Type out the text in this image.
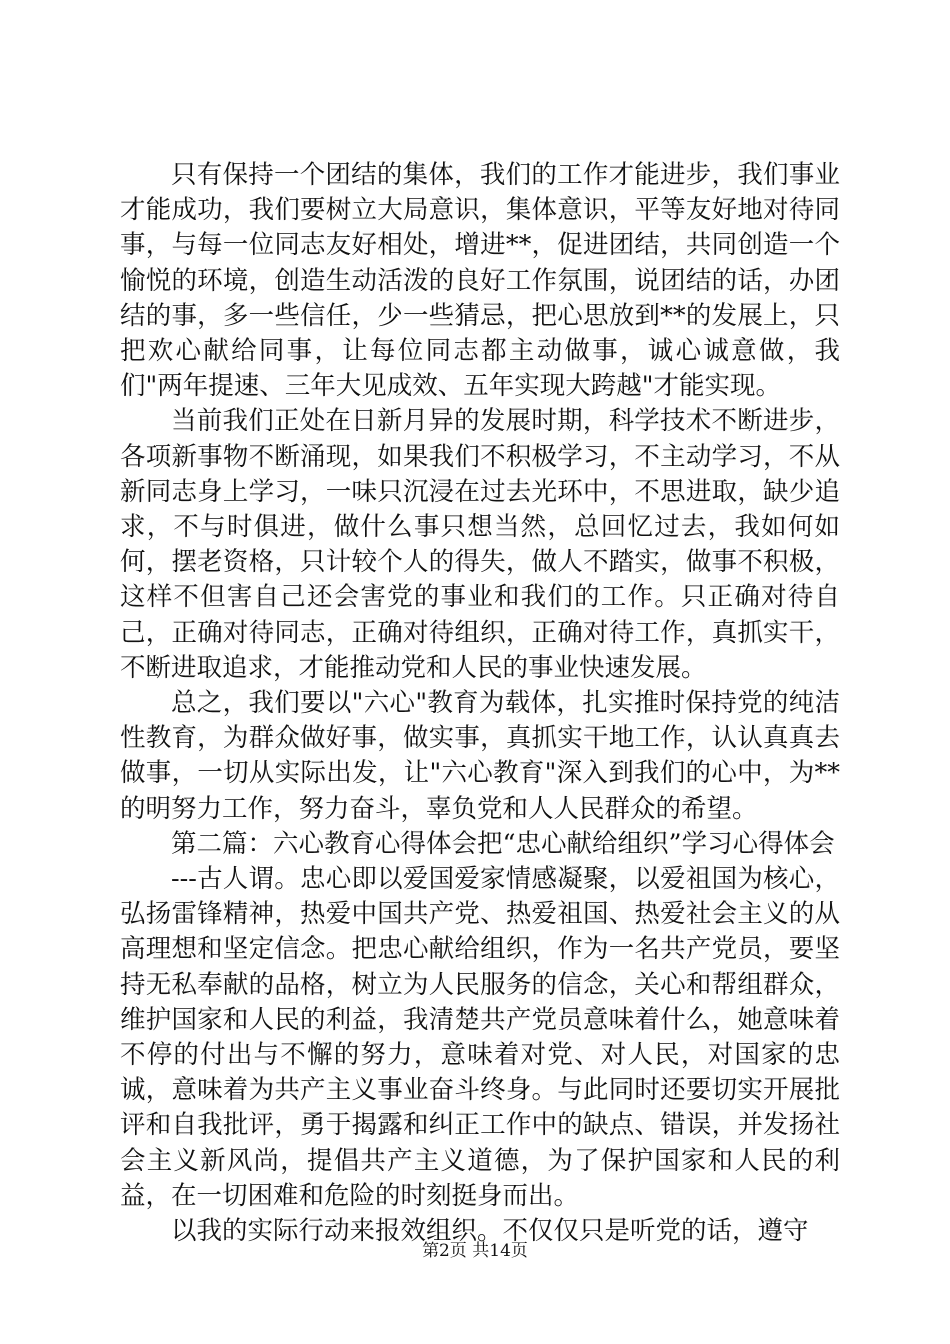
只有保持一个团结的集体，我们的工作才能进步，我们事业才能成功，我们要树立大局意识，集体意识，平等友好地对待同事，与每一位同志友好相处，增进**，促进团结，共同创造一个愉悦的环境，创造生动活泼的良好工作氛围，说团结的话，办团结的事，多一些信任，少一些猜忌，把心思放到**的发展上，只把欢心献给同事，让每位同志都主动做事，诚心诚意做，我们"两年提速、三年大见成效、五年实现大跨越"才能实现。

当前我们正处在日新月异的发展时期，科学技术不断进步，各项新事物不断涌现，如果我们不积极学习，不主动学习，不从新同志身上学习，一味只沉浸在过去光环中，不思进取，缺少追求，不与时俱进，做什么事只想当然，总回忆过去，我如何如何，摆老资格，只计较个人的得失，做人不踏实，做事不积极，这样不但害自己还会害党的事业和我们的工作。只正确对待自己，正确对待同志，正确对待组织，正确对待工作，真抓实干，不断进取追求，才能推动党和人民的事业快速发展。

总之，我们要以"六心"教育为载体，扎实推时保持党的纯洁性教育，为群众做好事，做实事，真抓实干地工作，认认真真去做事，一切从实际出发，让"六心教育"深入到我们的心中，为**的明努力工作，努力奋斗，辜负党和人人民群众的希望。

第二篇：六心教育心得体会把“忠心献给组织”学习心得体会

---古人谓。忠心即以爱国爱家情感凝聚，以爱祖国为核心，弘扬雷锋精神，热爱中国共产党、热爱祖国、热爱社会主义的从高理想和坚定信念。把忠心献给组织，作为一名共产党员，要坚持无私奉献的品格，树立为人民服务的信念，关心和帮组群众，维护国家和人民的利益，我清楚共产党员意味着什么，她意味着不停的付出与不懈的努力，意味着对党、对人民，对国家的忠诚，意味着为共产主义事业奋斗终身。与此同时还要切实开展批评和自我批评，勇于揭露和纠正工作中的缺点、错误，并发扬社会主义新风尚，提倡共产主义道德，为了保护国家和人民的利益，在一切困难和危险的时刻挺身而出。

以我的实际行动来报效组织。不仅仅只是听党的话，遵守

第2页 共14页
